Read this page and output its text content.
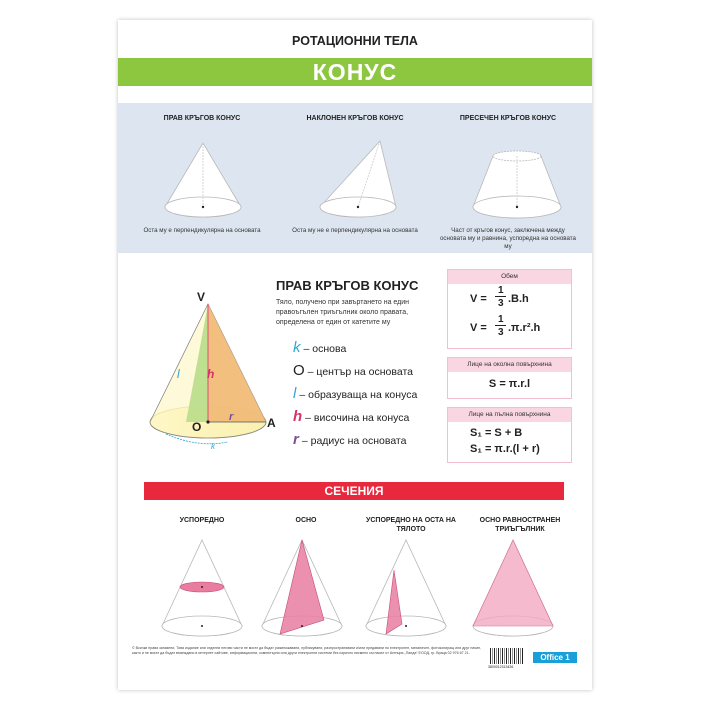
РОТАЦИОННИ ТЕЛА
КОНУС
ПРАВ КРЪГОВ КОНУС	НАКЛОНЕН КРЪГОВ КОНУС	ПРЕСЕЧЕН КРЪГОВ КОНУС
Оста му е перпендикулярна на основата	Оста му не е перпендикулярна на основата	Част от кръгов конус, заключена между основата му и равнина, успоредна на основата му
V
O	A
l h
r
k
ПРАВ КРЪГОВ КОНУС
Тяло, получено при завъртането на един правоъгълен триъгълник около правата, определена от един от катетите му
k – основа
O – център на основата
l – образуваща на конуса
h – височина на конуса
r – радиус на основата
Обем
V =
1
3 .B.h
V =
1
3 .π.r².h
Лице на околна повърхнина
S = π.r.l
Лице на пълна повърхнина
S₁ = S + B
S₁ = π.r.(l + r)
СЕЧЕНИЯ
УСПОРЕДНО	ОСНО	УСПОРЕДНО НА ОСТА НА ТЯЛОТО
ОСНО РАВНОСТРАНЕН ТРИЪГЪЛНИК
© Всички права запазени. Това издание или отделни негови части не могат да бъдат размножавани, публикувани, разпространявани и/или предавани по електронен, механичен, фотокопиращ или друг начин, както и не могат да бъдат въвеждани в интернет сайтове, информационни, компютърни или други електронни системи без изрично писмено съгласие от Агенция „Панда“ ЕООД, гр. Враца 02 976 67 21.
3800012313426
Office 1
